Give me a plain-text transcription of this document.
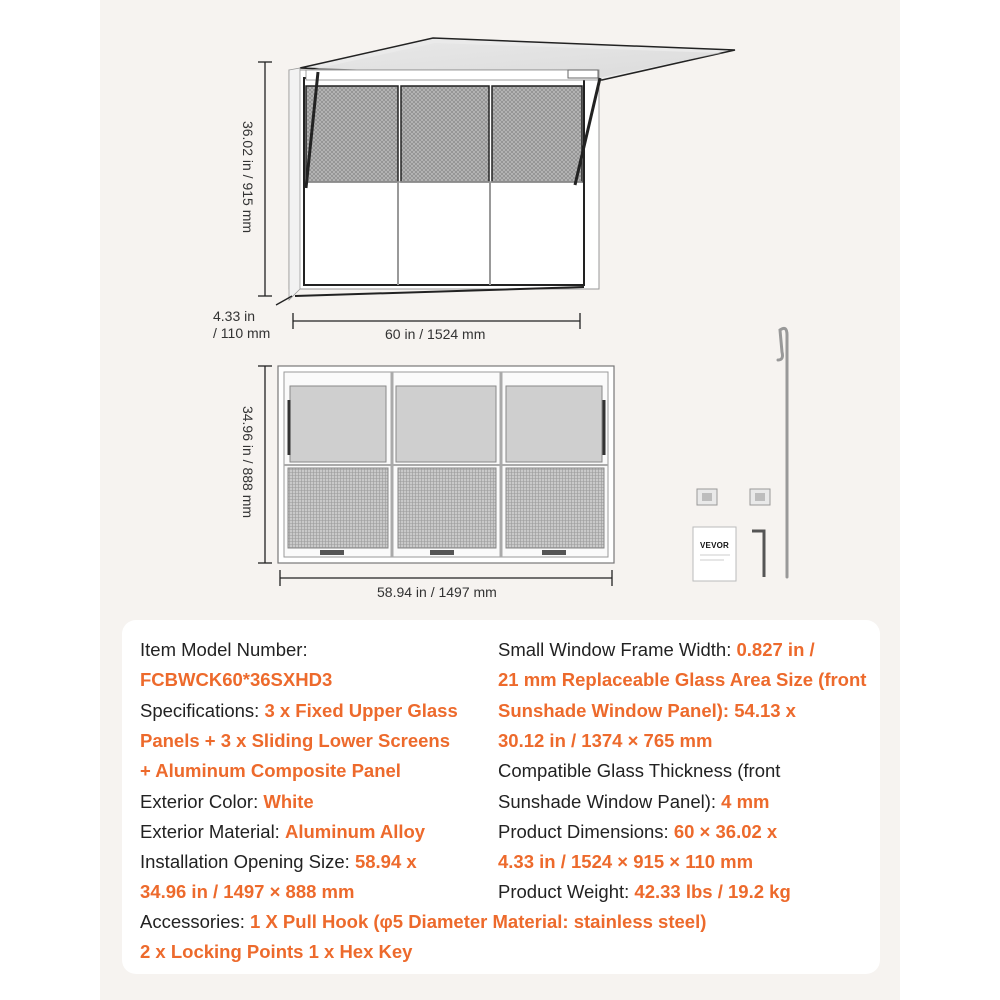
36.02 in / 915 mm
4.33 in
/ 110 mm	60 in / 1524 mm
34.96 in / 888 mm
58.94 in / 1497 mm
VEVOR
Item Model Number:
FCBWCK60*36SXHD3
Specifications: 3 x Fixed Upper Glass
Panels + 3 x Sliding Lower Screens
+ Aluminum Composite Panel
Exterior Color: White
Exterior Material: Aluminum Alloy
Installation Opening Size: 58.94 x
34.96 in / 1497 × 888 mm
Small Window Frame Width: 0.827 in /
21 mm Replaceable Glass Area Size (front
Sunshade Window Panel): 54.13 x
30.12 in / 1374 × 765 mm
Compatible Glass Thickness (front
Sunshade Window Panel): 4 mm
Product Dimensions: 60 × 36.02 x
4.33 in / 1524 × 915 × 110 mm
Product Weight: 42.33 lbs / 19.2 kg
Accessories: 1 X Pull Hook (φ5 Diameter Material: stainless steel)
2 x Locking Points 1 x Hex Key
